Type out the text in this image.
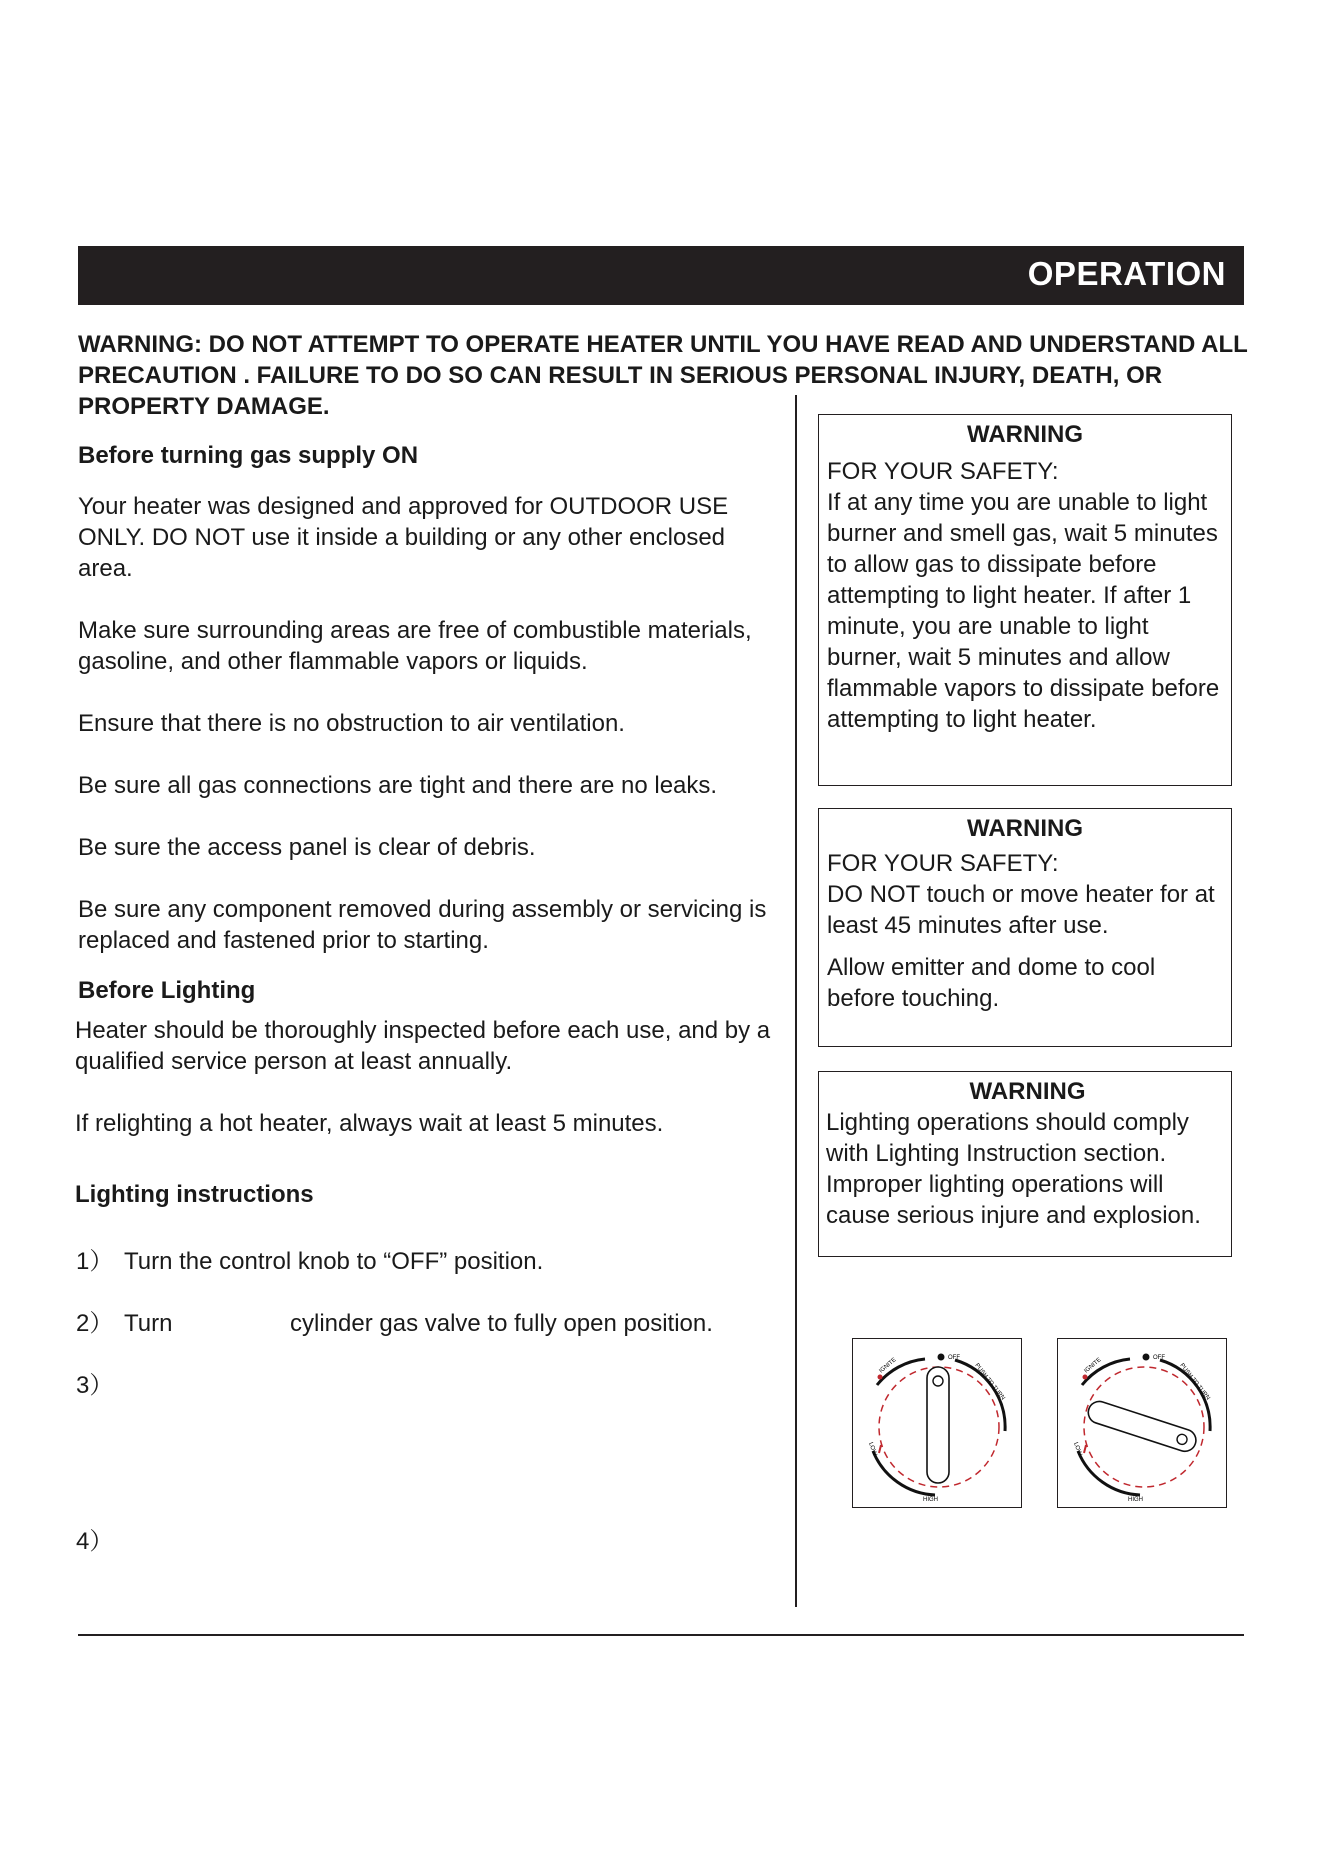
OPERATION
WARNING: DO NOT ATTEMPT TO OPERATE HEATER UNTIL YOU HAVE READ AND UNDERSTAND ALL PRECAUTION . FAILURE TO DO SO CAN RESULT IN SERIOUS PERSONAL INJURY, DEATH, OR PROPERTY DAMAGE.
Before turning gas supply ON

Your heater was designed and approved for OUTDOOR USE ONLY. DO NOT use it inside a building or any other enclosed area.

Make sure surrounding areas are free of combustible materials, gasoline, and other flammable vapors or liquids.

Ensure that there is no obstruction to air ventilation.

Be sure all gas connections are tight and there are no leaks.

Be sure the access panel is clear of debris.

Be sure any component removed during assembly or servicing is replaced and fastened prior to starting.

Before Lighting

Heater should be thoroughly inspected before each use, and by a qualified service person at least annually.

If relighting a hot heater, always wait at least 5 minutes.

Lighting instructions
1） Turn the control knob to “OFF” position.
2） Turn	cylinder gas valve to fully open position.
3）
4）
WARNING

FOR YOUR SAFETY:

If at any time you are unable to light burner and smell gas, wait 5 minutes to allow gas to dissipate before attempting to light heater. If after 1 minute, you are unable to light burner, wait 5 minutes and allow flammable vapors to dissipate before attempting to light heater.

WARNING

FOR YOUR SAFETY:

DO NOT touch or move heater for at least 45 minutes after use.

Allow emitter and dome to cool before touching.

WARNING

Lighting operations should comply with Lighting Instruction section. Improper lighting operations will cause serious injure and explosion.

OFF
IGNITE	PUSH TO TURN
LOW
HIGH
OFF
IGNITE	PUSH TO TURN
LOW
HIGH
